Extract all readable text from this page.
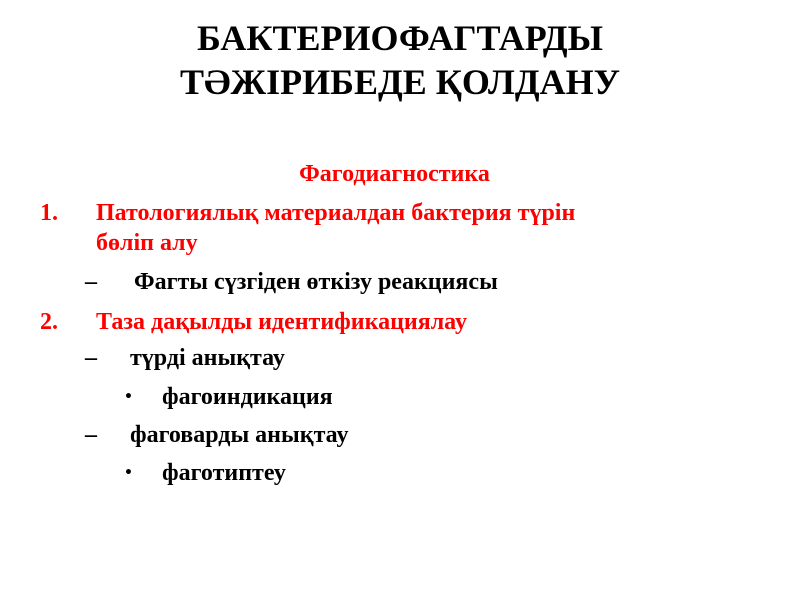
БАКТЕРИОФАГТАРДЫ
ТӘЖІРИБЕДЕ ҚОЛДАНУ
Фагодиагностика
1. Патологиялық материалдан бактерия түрін
бөліп алу
– Фагты сүзгіден өткізу реакциясы
2. Таза дақылды идентификациялау
– түрді анықтау
• фагоиндикация
– фаговарды анықтау
• фаготиптеу
